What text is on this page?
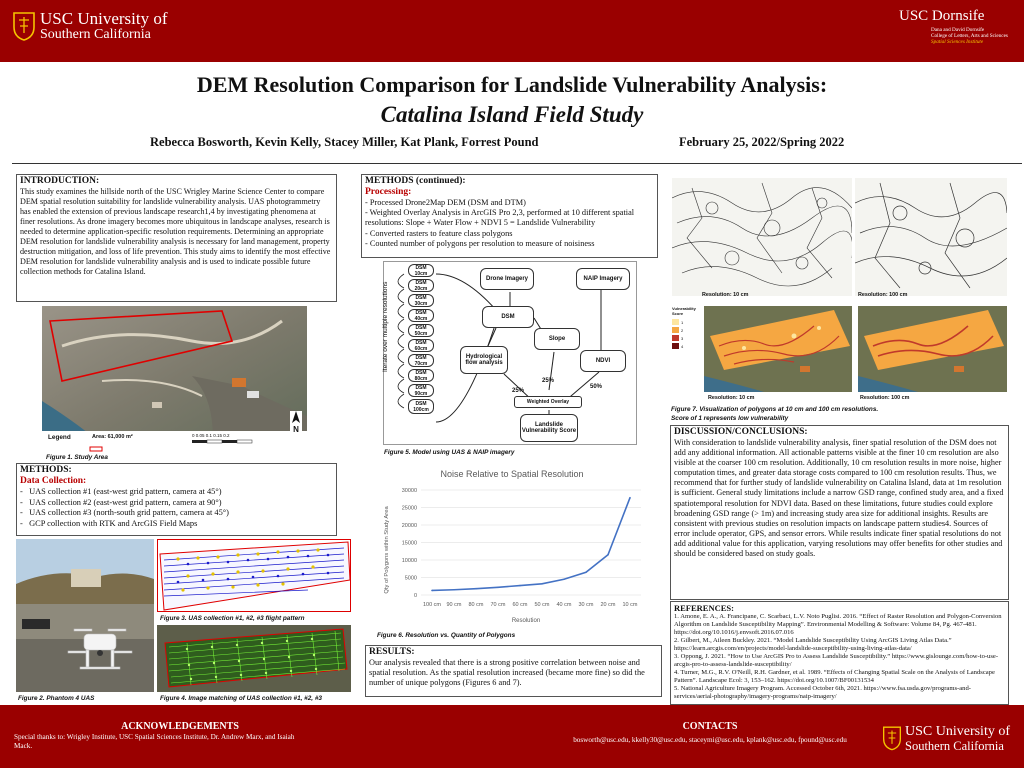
USC University of
Southern California
USC Dornsife
Dana and David Dornsife
College of Letters, Arts and Sciences
Spatial Sciences Institute
DEM Resolution Comparison for Landslide Vulnerability Analysis:
Catalina Island Field Study
Rebecca Bosworth, Kevin Kelly, Stacey Miller, Kat Plank, Forrest Pound	February 25, 2022/Spring 2022
INTRODUCTION:
This study examines the hillside north of the USC Wrigley Marine Science Center to compare DEM spatial resolution suitability for landslide vulnerability analysis. UAS photogrammetry has enabled the extension of previous landscape research1,4 by investigating phenomena at finer resolutions. As drone imagery becomes more ubiquitous in landscape analyses, research is needed to determine application-specific resolution requirements. Determining an appropriate DEM resolution for landslide vulnerability analysis is necessary for land management, property destruction mitigation, and loss of life prevention. This study aims to identify the most effective DEM resolution for landslide vulnerability analysis and is used to indicate possible future collection methods for Catalina Island.
Legend	Area: 61,000 m²	0 0.05 0.1 0.15 0.2
N
Figure 1. Study Area
METHODS:
Data Collection:
-   UAS collection #1 (east-west grid pattern, camera at 45°)
-   UAS collection #2 (east-west grid pattern, camera at 90°)
-   UAS collection #3 (north-south grid pattern, camera at 45°)
-   GCP collection with RTK and ArcGIS Field Maps
Figure 2. Phantom 4 UAS
Figure 3. UAS collection #1, #2, #3 flight pattern
Figure 4. Image matching of UAS collection #1, #2, #3
METHODS (continued):
Processing:
- Processed Drone2Map DEM (DSM and DTM)
- Weighted Overlay Analysis in ArcGIS Pro 2,3, performed at 10 different spatial resolutions: Slope + Water Flow + NDVI 5 = Landslide Vulnerability
- Converted rasters to feature class polygons
- Counted number of polygons per resolution to measure of noisiness
Iterate over multiple resolutions
DSM 10cm
DSM 20cm
DSM 30cm
DSM 40cm
DSM 50cm
DSM 60cm
DSM 70cm
DSM 80cm
DSM 90cm
DSM 100cm
Drone Imagery	NAIP Imagery
DSM
Slope
Hydrological flow analysis	NDVI
Weighted Overlay
Landslide Vulnerability Score
25%
25%
50%
Figure 5. Model using UAS & NAIP imagery
Noise Relative to Spatial Resolution
Qty of Polygons within Study Area
Resolution
0
5000
10000
15000
20000
25000
30000
100 cm 90 cm 80 cm 70 cm 60 cm 50 cm 40 cm 30 cm 20 cm 10 cm
Figure 6. Resolution vs. Quantity of Polygons
RESULTS:
Our analysis revealed that there is a strong positive correlation between noise and spatial resolution. As the spatial resolution increased (became more fine) so did the number of unique polygons (Figures 6 and 7).
Resolution: 10 cm	Resolution: 100 cm
Vulnerability Score
1
2
3
4
Resolution: 10 cm	Resolution: 100 cm
Figure 7. Visualization of polygons at 10 cm and 100 cm resolutions.
Score of 1 represents low vulnerability
DISCUSSION/CONCLUSIONS:
With consideration to landslide vulnerability analysis, finer spatial resolution of the DSM does not add any additional information. All actionable patterns visible at the finer 10 cm resolution are also visible at the coarser 100 cm resolution. Additionally, 10 cm resolution results in more noise, higher computation times, and greater data storage costs compared to 100 cm resolution results. Thus, we recommend that for further study of landslide vulnerability on Catalina Island, data at 1m resolution is sufficient. General study limitations include a narrow GSD range, confined study area, and a fixed spatiotemporal resolution for NDVI data. Based on these limitations, future studies could explore broadening GSD range (> 1m) and increasing study area size for additional insights. Results are consistent with previous studies on resolution impacts on landscape pattern studies4. Sources of error include operator, GPS, and sensor errors. While results indicate finer spatial resolutions do not add additional value for this application, varying resolutions may offer benefits for other studies and should be considered based on study goals.
REFERENCES:
1. Amone, E. A., A. Francipane, C. Scarbaci, L.V. Noto Puglisi. 2016. “Effect of Raster Resolution and Polygon-Conversion Algorithm on Landslide Susceptibility Mapping”. Environmental Modelling & Software: Volume 84, Pg. 467-481. https://doi.org/10.1016/j.envsoft.2016.07.016
2. Gilbert, M., Aileen Buckley. 2021. “Model Landslide Susceptibility Using ArcGIS Living Atlas Data.” https://learn.arcgis.com/en/projects/model-landslide-susceptibility-using-living-atlas-data/
3. Oppong, J. 2021. “How to Use ArcGIS Pro to Assess Landslide Susceptibility.” https://www.gislounge.com/how-to-use-arcgis-pro-to-assess-landslide-susceptibility/
4. Turner, M.G., R.V. O'Neill, R.H. Gardner, et al. 1989. “Effects of Changing Spatial Scale on the Analysis of Landscape Pattern”. Landscape Ecol: 3, 153–162. https://doi.org/10.1007/BF00131534
5. National Agriculture Imagery Program. Accessed October 6th, 2021. https://www.fsa.usda.gov/programs-and-services/aerial-photography/imagery-programs/naip-imagery/
ACKNOWLEDGEMENTS
Special thanks to: Wrigley Institute, USC Spatial Sciences Institute, Dr. Andrew Marx, and Isaiah Mack.
CONTACTS
bosworth@usc.edu, kkelly30@usc.edu, staceymi@usc.edu, kplank@usc.edu, fpound@usc.edu
USC University of
Southern California
